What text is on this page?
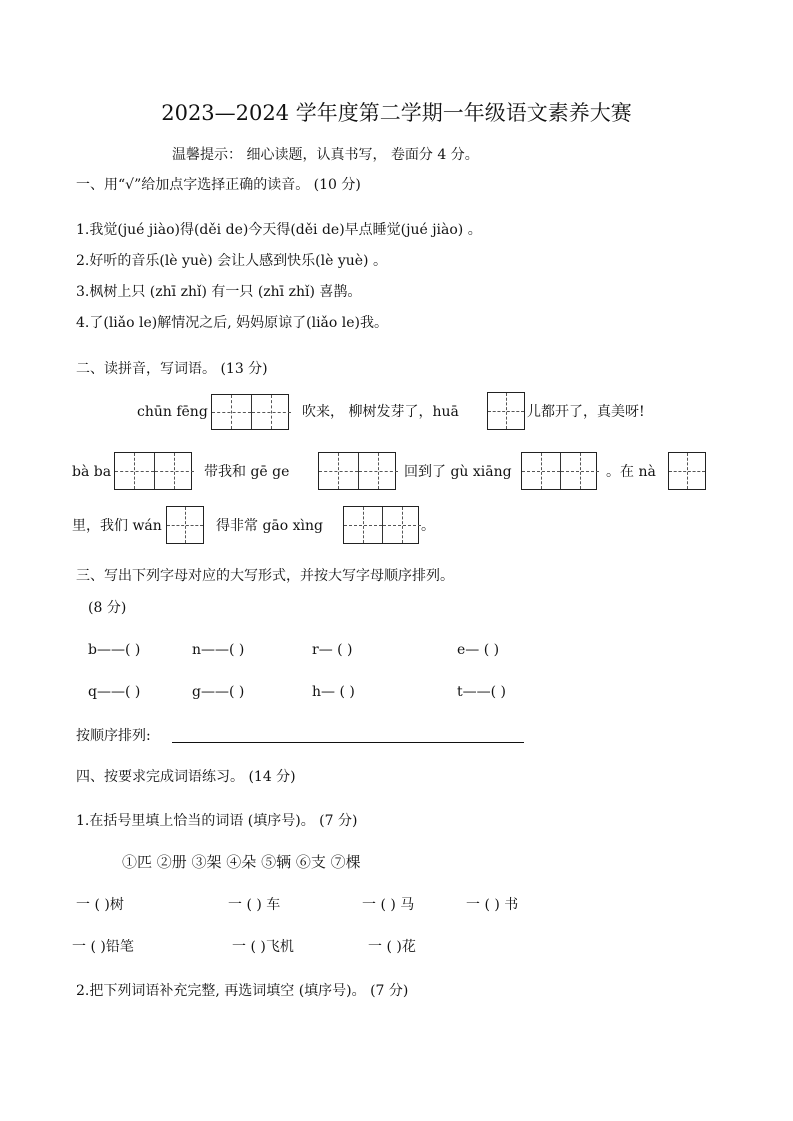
2023—2024 学年度第二学期一年级语文素养大赛
温馨提示： 细心读题，认真书写， 卷面分 4 分。
一、用“√”给加点字选择正确的读音。 (10 分)
1.我觉(jué jiào)得(děi de)今天得(děi de)早点睡觉(jué jiào) 。
2.好听的音乐(lè yuè) 会让人感到快乐(lè yuè) 。
3.枫树上只 (zhī zhǐ) 有一只 (zhī zhǐ) 喜鹊。
4.了(liǎo le)解情况之后, 妈妈原谅了(liǎo le)我。
二、读拼音，写词语。 (13 分)
chūn fēng	吹来， 柳树发芽了，huā	儿都开了，真美呀!
bà ba	带我和 gē ge	回到了 gù xiāng	。在 nà
里，我们 wán	得非常 gāo xìng	。
三、写出下列字母对应的大写形式，并按大写字母顺序排列。
(8 分)
b——( )	n——( )	r— ( )	e— ( )
q——( )	g——( )	h— ( )	t——( )
按顺序排列:
四、按要求完成词语练习。 (14 分)
1.在括号里填上恰当的词语 (填序号)。 (7 分)
①匹 ②册 ③架 ④朵 ⑤辆 ⑥支 ⑦棵
一 ( )树	一 ( ) 车	一 ( ) 马	一 ( ) 书
一 ( )铅笔	一 ( )飞机	一 ( )花
2.把下列词语补充完整, 再选词填空 (填序号)。 (7 分)
